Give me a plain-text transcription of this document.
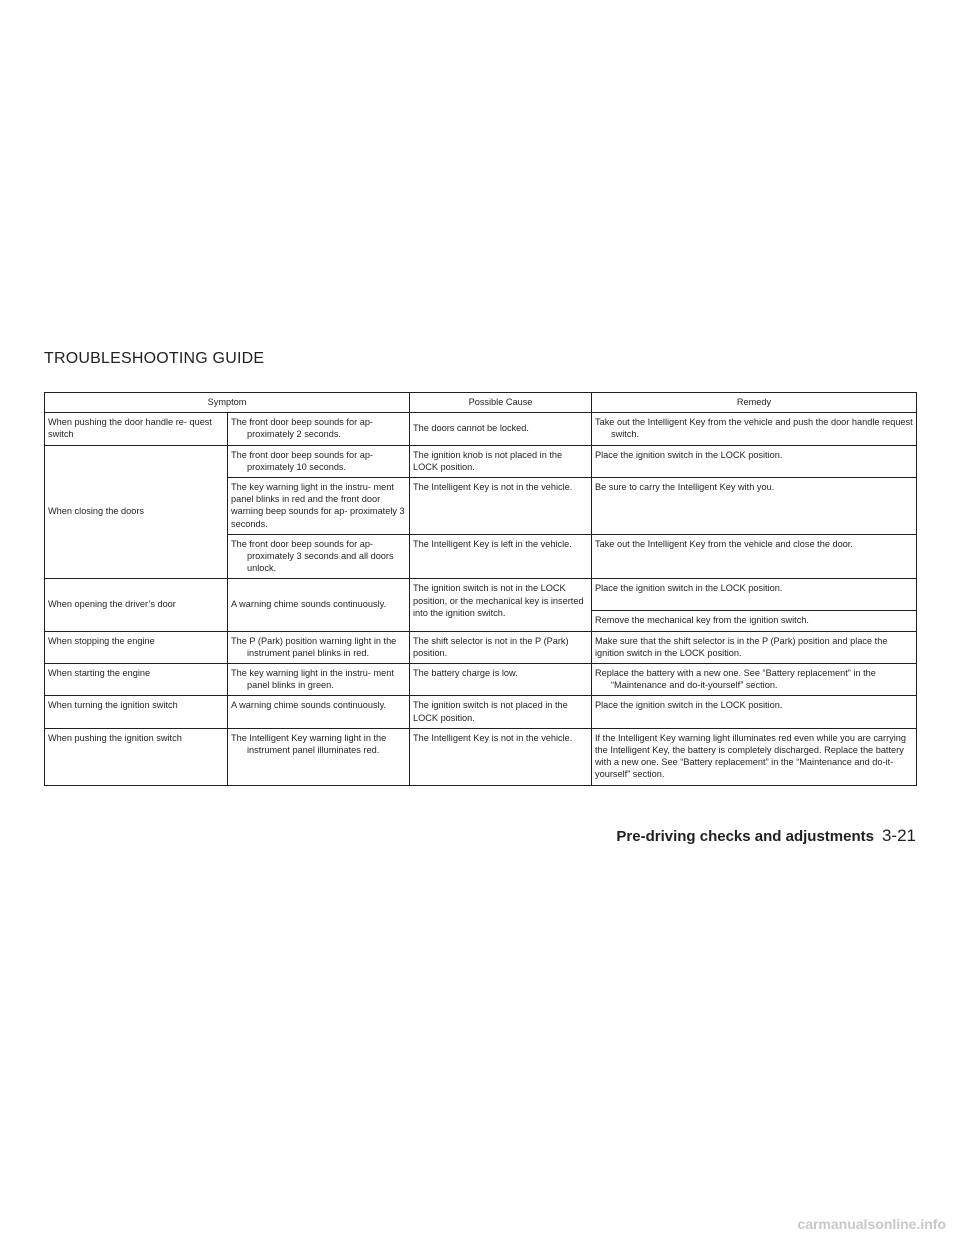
TROUBLESHOOTING GUIDE
Symptom		Possible Cause	Remedy
When pushing the door handle re- quest switch	The front door beep sounds for ap- proximately 2 seconds.	The doors cannot be locked.	Take out the Intelligent Key from the vehicle and push the door handle request switch.

When closing the doors	The front door beep sounds for ap- proximately 10 seconds.	The ignition knob is not placed in the LOCK position.	Place the ignition switch in the LOCK position.
	The key warning light in the instru- ment panel blinks in red and the front door warning beep sounds for ap- proximately 3 seconds.	The Intelligent Key is not in the vehicle.	Be sure to carry the Intelligent Key with you.

	The front door beep sounds for ap- proximately 3 seconds and all doors unlock.	The Intelligent Key is left in the vehicle.	Take out the Intelligent Key from the vehicle and close the door.
When opening the driver’s door	A warning chime sounds continuously.	The ignition switch is not in the LOCK position, or the mechanical key is inserted into the ignition switch.	Place the ignition switch in the LOCK position.
			Remove the mechanical key from the ignition switch.
When stopping the engine	The P (Park) position warning light in the instrument panel blinks in red.	The shift selector is not in the P (Park) position.	Make sure that the shift selector is in the P (Park) position and place the ignition switch in the LOCK position.
When starting the engine	The key warning light in the instru- ment panel blinks in green.	The battery charge is low.	Replace the battery with a new one. See “Battery replacement” in the “Maintenance and do-it-yourself” section.

When turning the ignition switch	A warning chime sounds continuously.	The ignition switch is not placed in the LOCK position.	Place the ignition switch in the LOCK position.
When pushing the ignition switch	The Intelligent Key warning light in the instrument panel illuminates red.	The Intelligent Key is not in the vehicle.	If the Intelligent Key warning light illuminates red even while you are carrying the Intelligent Key, the battery is completely discharged. Replace the battery with a new one. See “Battery replacement” in the “Maintenance and do-it-yourself” section.
Pre-driving checks and adjustments 3-21
carmanualsonline.info
